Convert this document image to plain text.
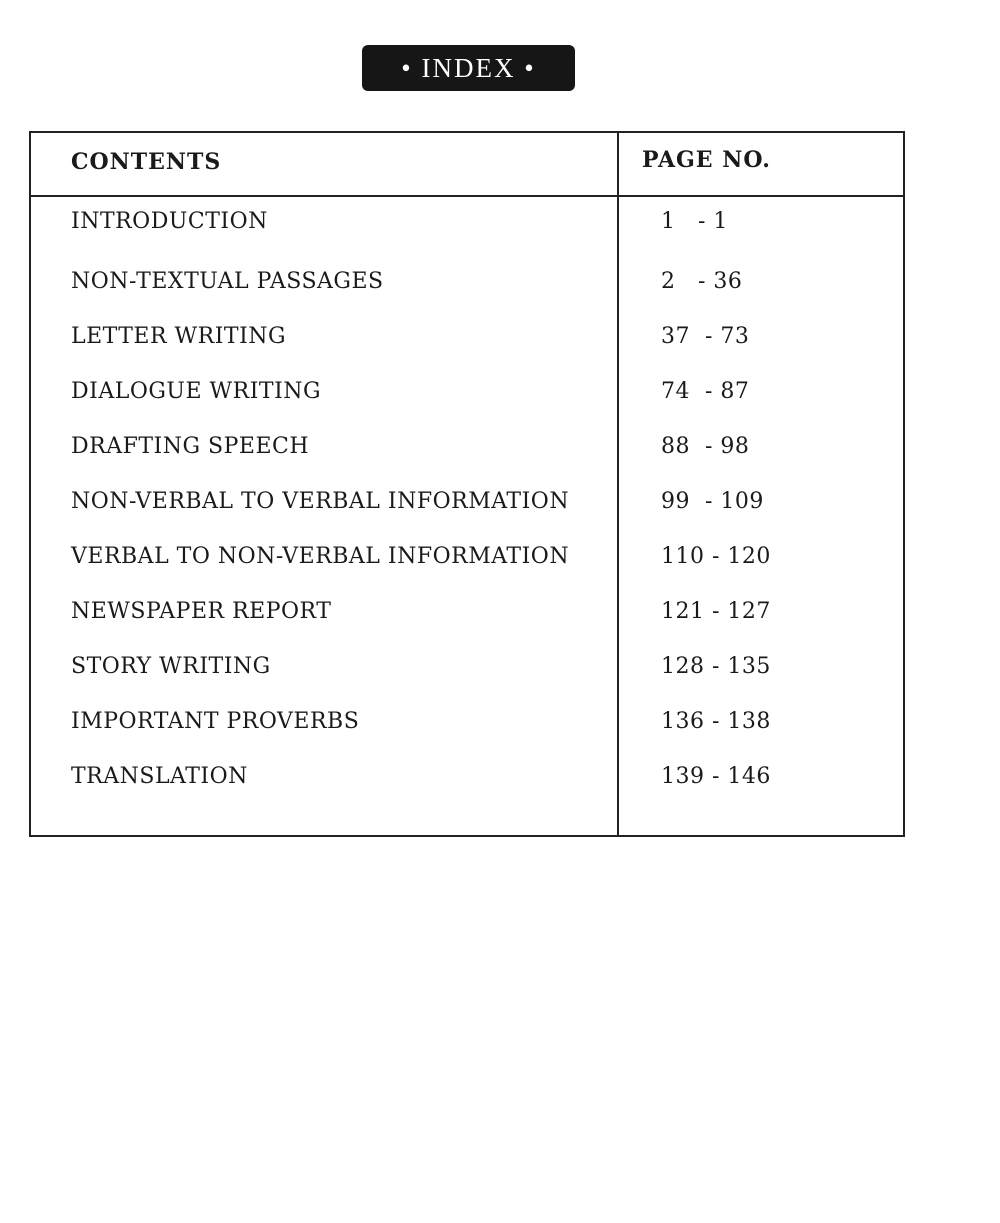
• INDEX •
CONTENTS	PAGE NO.
INTRODUCTION	1   - 1
NON-TEXTUAL PASSAGES	2   - 36
LETTER WRITING	37  - 73
DIALOGUE WRITING	74  - 87
DRAFTING SPEECH	88  - 98
NON-VERBAL TO VERBAL INFORMATION	99  - 109
VERBAL TO NON-VERBAL INFORMATION	110 - 120
NEWSPAPER REPORT	121 - 127
STORY WRITING	128 - 135
IMPORTANT PROVERBS	136 - 138
TRANSLATION	139 - 146
